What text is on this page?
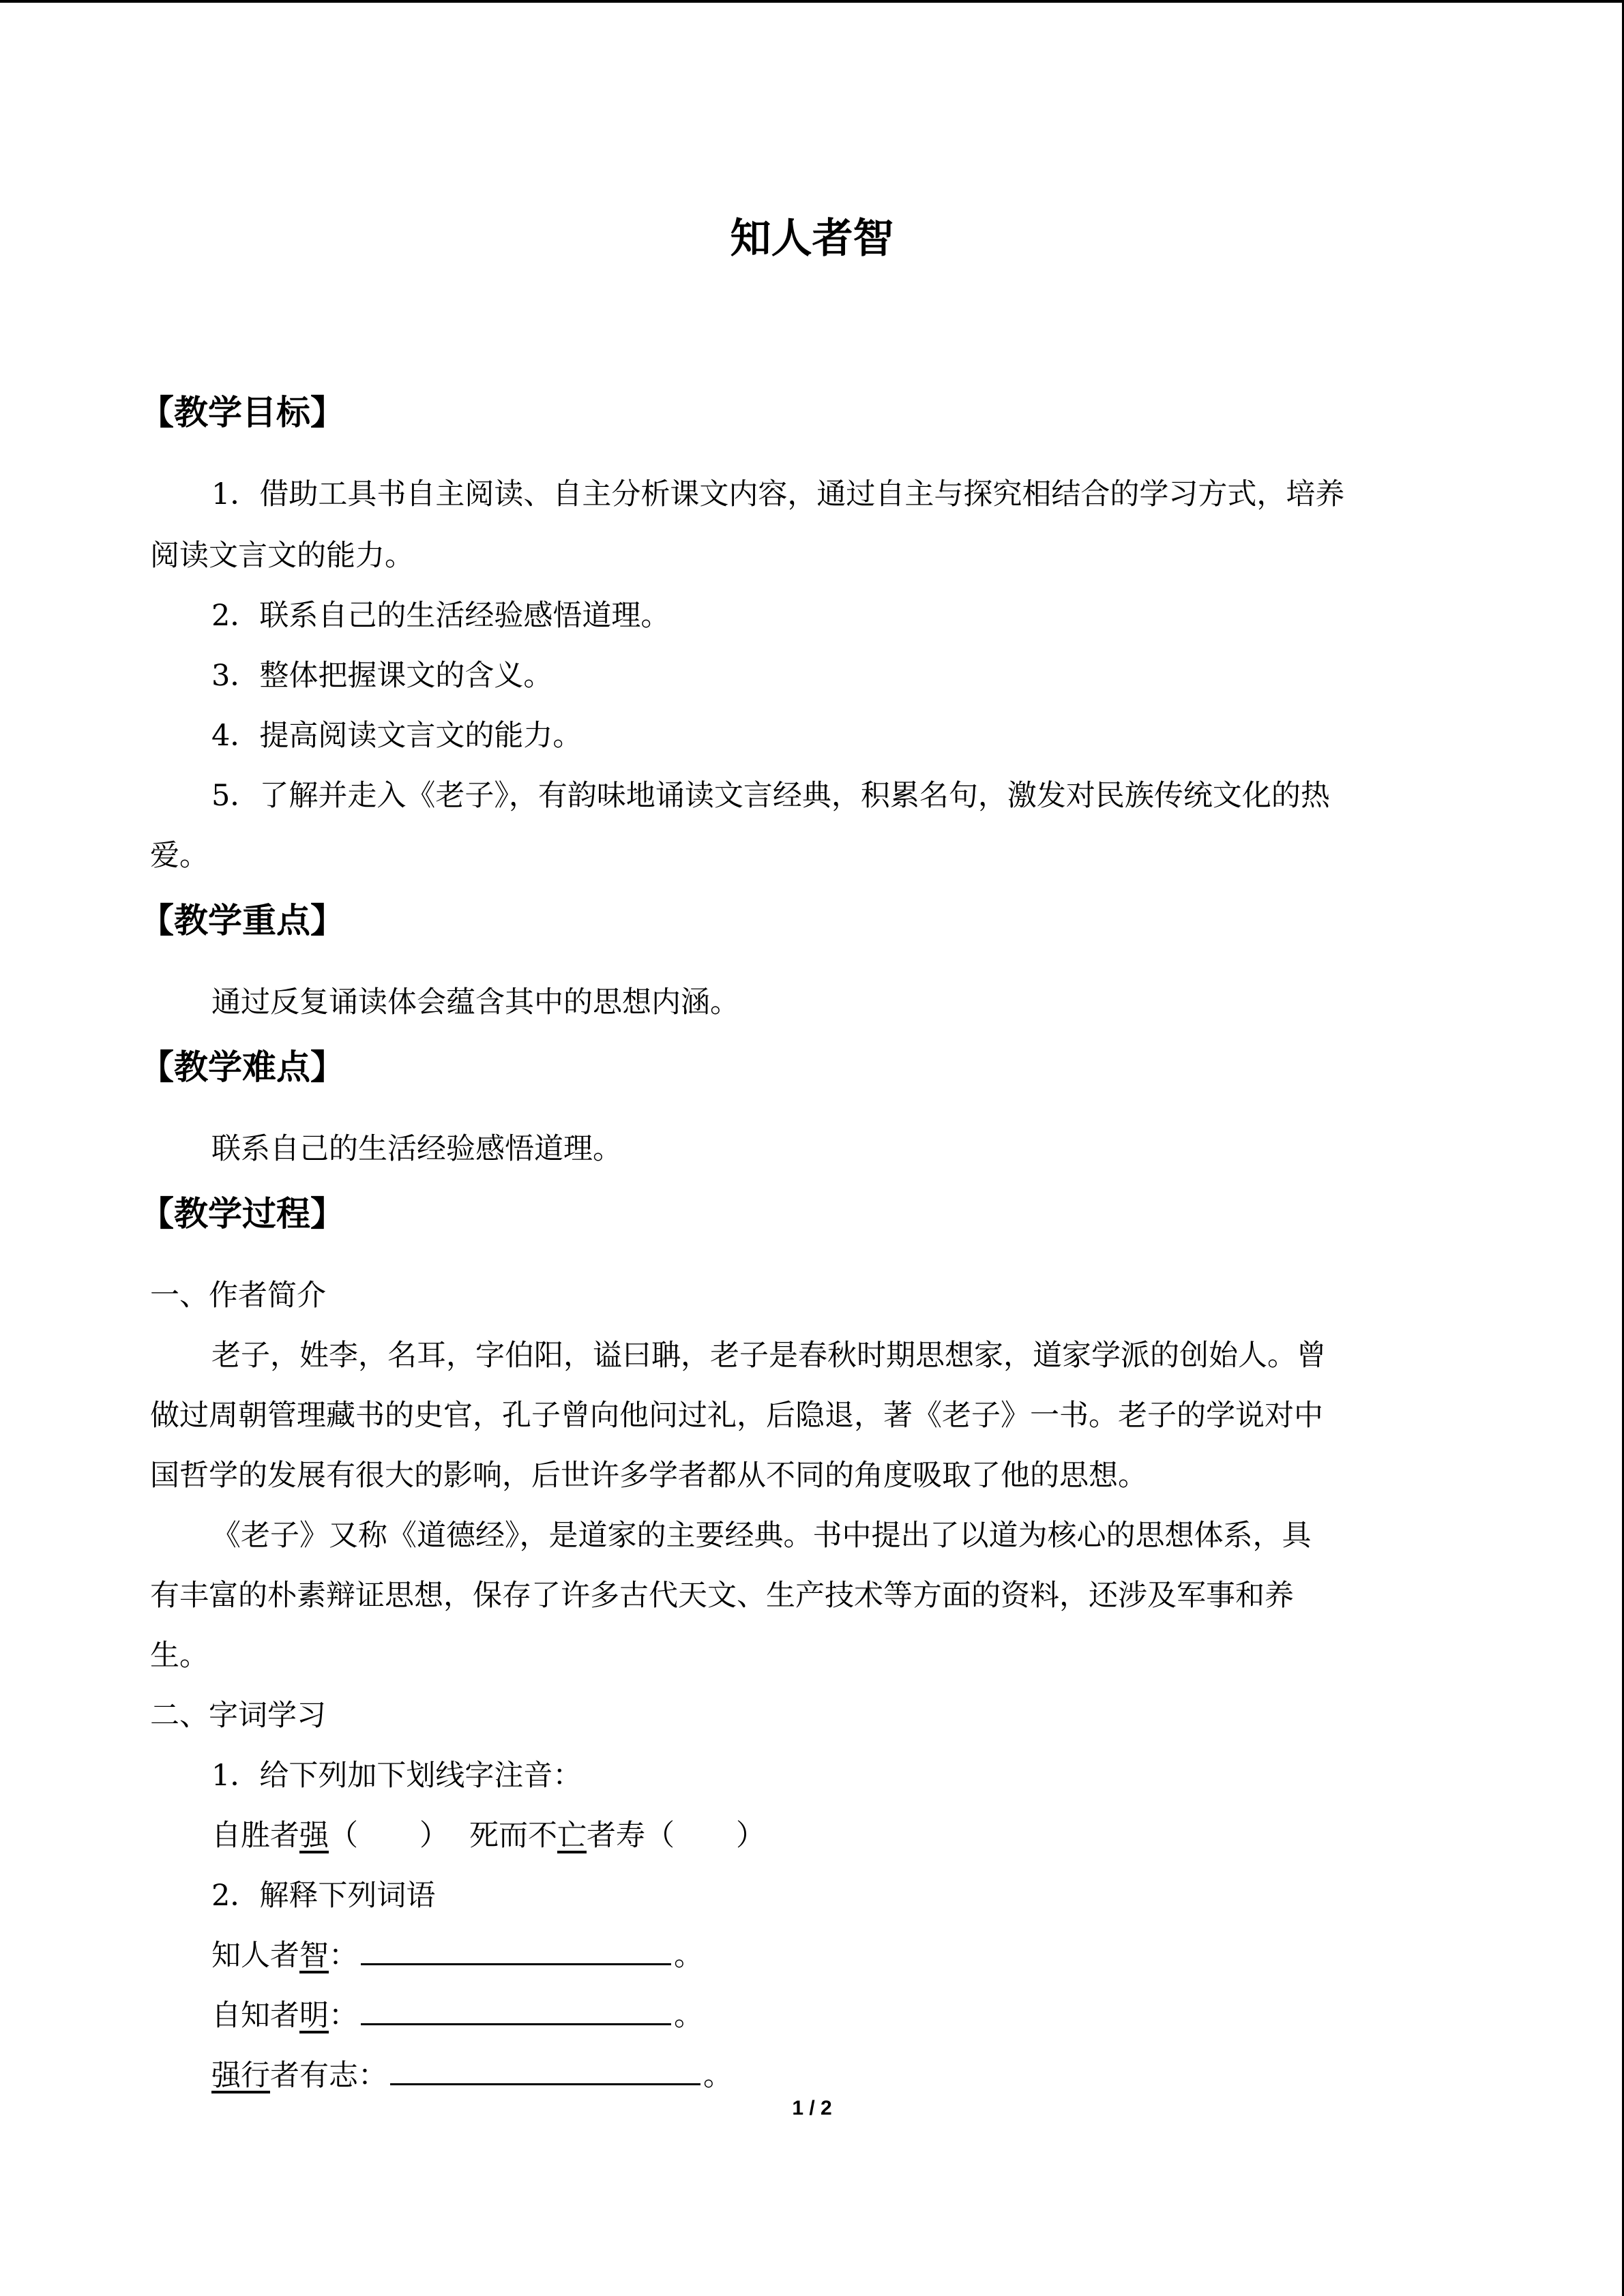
知人者智
【教学目标】
1．借助工具书自主阅读、自主分析课文内容，通过自主与探究相结合的学习方式，培养
阅读文言文的能力。
2．联系自己的生活经验感悟道理。
3．整体把握课文的含义。
4．提高阅读文言文的能力。
5．了解并走入《老子》，有韵味地诵读文言经典，积累名句，激发对民族传统文化的热
爱。
【教学重点】
通过反复诵读体会蕴含其中的思想内涵。
【教学难点】
联系自己的生活经验感悟道理。
【教学过程】
一、作者简介
老子，姓李，名耳，字伯阳，谥曰聃，老子是春秋时期思想家，道家学派的创始人。曾
做过周朝管理藏书的史官，孔子曾向他问过礼，后隐退，著《老子》一书。老子的学说对中
国哲学的发展有很大的影响，后世许多学者都从不同的角度吸取了他的思想。
《老子》又称《道德经》，是道家的主要经典。书中提出了以道为核心的思想体系，具
有丰富的朴素辩证思想，保存了许多古代天文、生产技术等方面的资料，还涉及军事和养
生。
二、字词学习
1．给下列加下划线字注音：
自胜者强（ ） 死而不亡者寿（ ）
2．解释下列词语
知人者智：	。
自知者明：	。
强行者有志：	。
1 / 2
